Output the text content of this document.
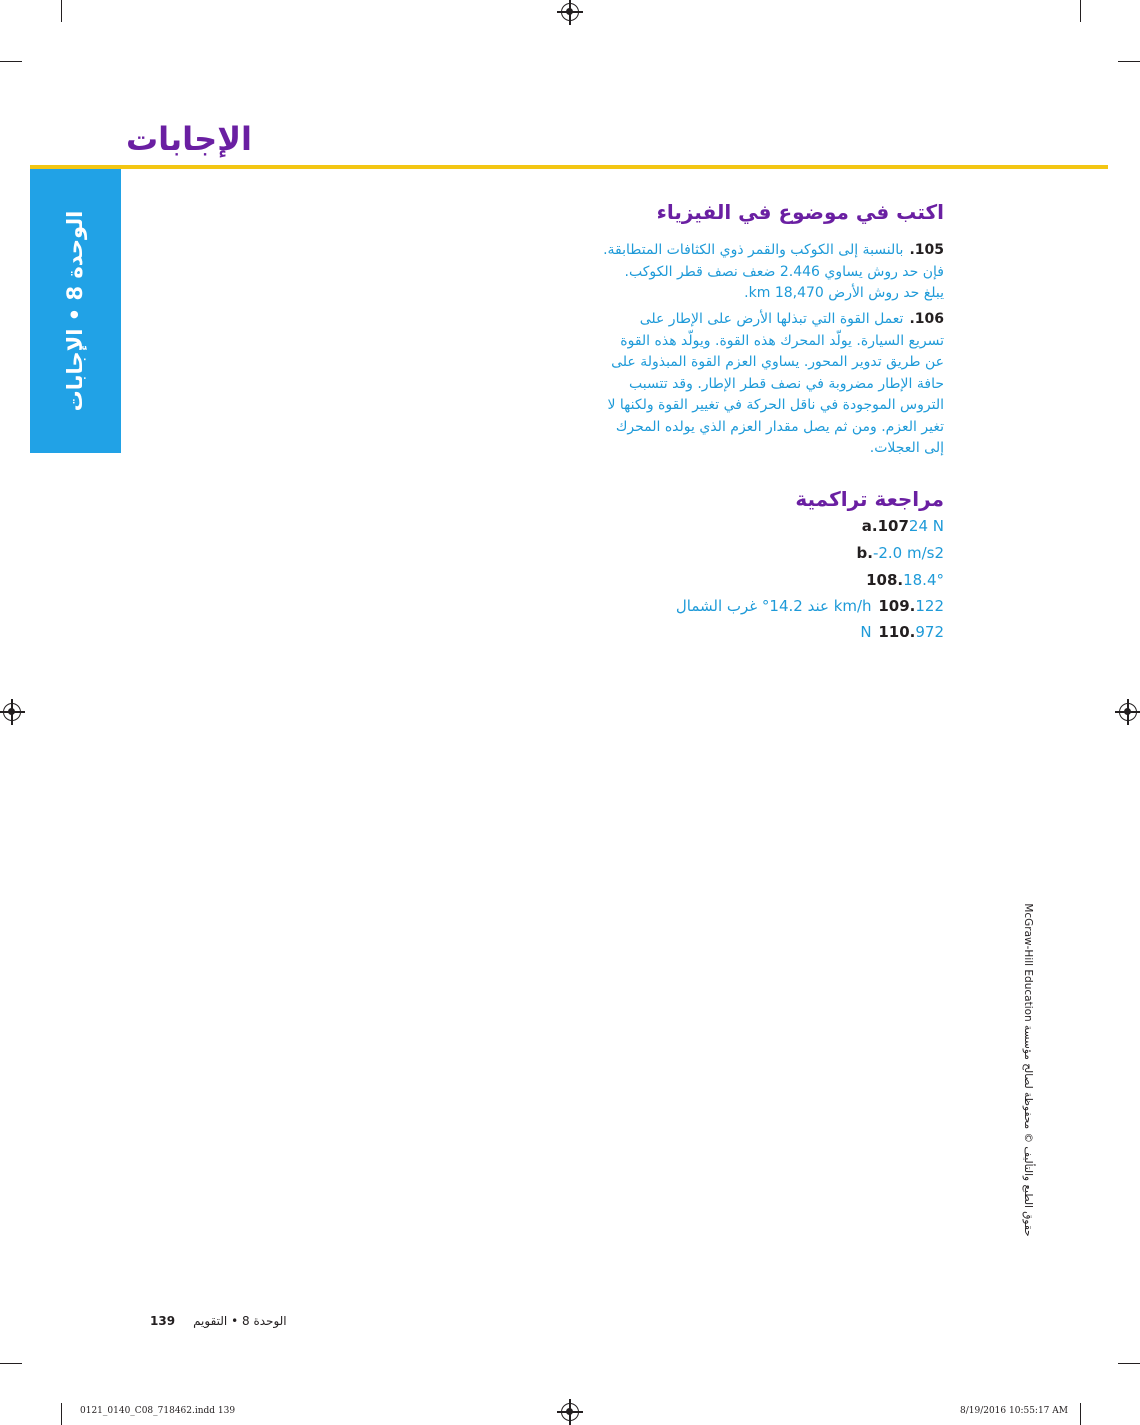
الإجابات
الوحدة 8 • الإجابات	اكتب في موضوع في الفيزياء
105.بالنسبة إلى الكوكب والقمر ذوي الكثافات المتطابقة.
فإن حد روش يساوي 2.446 ضعف نصف قطر الكوكب.
يبلغ حد روش الأرض 18,470 km.
106.تعمل القوة التي تبذلها الأرض على الإطار على
تسريع السيارة. يولّد المحرك هذه القوة. ويولّد هذه القوة
عن طريق تدوير المحور. يساوي العزم القوة المبذولة على
حافة الإطار مضروبة في نصف قطر الإطار. وقد تتسبب
التروس الموجودة في ناقل الحركة في تغيير القوة ولكنها لا
تغير العزم. ومن ثم يصل مقدار العزم الذي يولده المحرك
إلى العجلات.
مراجعة تراكمية
a.10724 N
b.-2.0 m/s2
108.18.4°
109.122 km/h عند 14.2° غرب الشمال
110.972 N
حقوق الطبع والتأليف © محفوظة لصالح مؤسسة McGraw-Hill Education
139 الوحدة 8 • التقويم
0121_0140_C08_718462.indd 139	8/19/2016 10:55:17 AM
